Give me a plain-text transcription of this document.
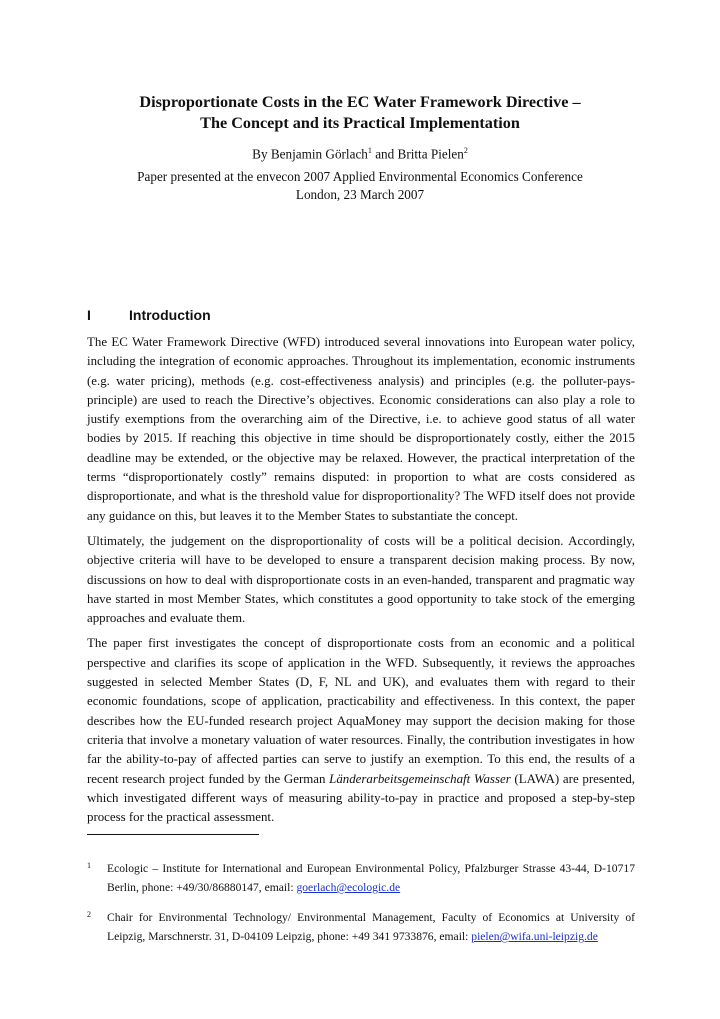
Disproportionate Costs in the EC Water Framework Directive –
The Concept and its Practical Implementation
By Benjamin Görlach$^1$ and Britta Pielen$^2$
Paper presented at the envecon 2007 Applied Environmental Economics Conference
London, 23 March 2007
I	Introduction

The EC Water Framework Directive (WFD) introduced several innovations into European water policy, including the integration of economic approaches. Throughout its implementation, economic instruments (e.g. water pricing), methods (e.g. cost-effectiveness analysis) and principles (e.g. the polluter-pays-principle) are used to reach the Directive’s objectives. Economic considerations can also play a role to justify exemptions from the overarching aim of the Directive, i.e. to achieve good status of all water bodies by 2015. If reaching this objective in time should be disproportionately costly, either the 2015 deadline may be extended, or the objective may be relaxed. However, the practical interpretation of the terms “disproportionately costly” remains disputed: in proportion to what are costs considered as disproportionate, and what is the threshold value for disproportionality? The WFD itself does not provide any guidance on this, but leaves it to the Member States to substantiate the concept.

Ultimately, the judgement on the disproportionality of costs will be a political decision. Accordingly, objective criteria will have to be developed to ensure a transparent decision making process. By now, discussions on how to deal with disproportionate costs in an even-handed, transparent and pragmatic way have started in most Member States, which constitutes a good opportunity to take stock of the emerging approaches and evaluate them.

The paper first investigates the concept of disproportionate costs from an economic and a political perspective and clarifies its scope of application in the WFD. Subsequently, it reviews the approaches suggested in selected Member States (D, F, NL and UK), and evaluates them with regard to their economic foundations, scope of application, practicability and effectiveness. In this context, the paper describes how the EU-funded research project AquaMoney may support the decision making for those criteria that involve a monetary valuation of water resources. Finally, the contribution investigates in how far the ability-to-pay of affected parties can serve to justify an exemption. To this end, the results of a recent research project funded by the German Länderarbeitsgemeinschaft Wasser (LAWA) are presented, which investigated different ways of measuring ability-to-pay in practice and proposed a step-by-step process for the practical assessment.

1 Ecologic – Institute for International and European Environmental Policy, Pfalzburger Strasse 43-44, D-10717 Berlin, phone: +49/30/86880147, email: goerlach@ecologic.de
2 Chair for Environmental Technology/ Environmental Management, Faculty of Economics at University of Leipzig, Marschnerstr. 31, D-04109 Leipzig, phone: +49 341 9733876, email: pielen@wifa.uni-leipzig.de
